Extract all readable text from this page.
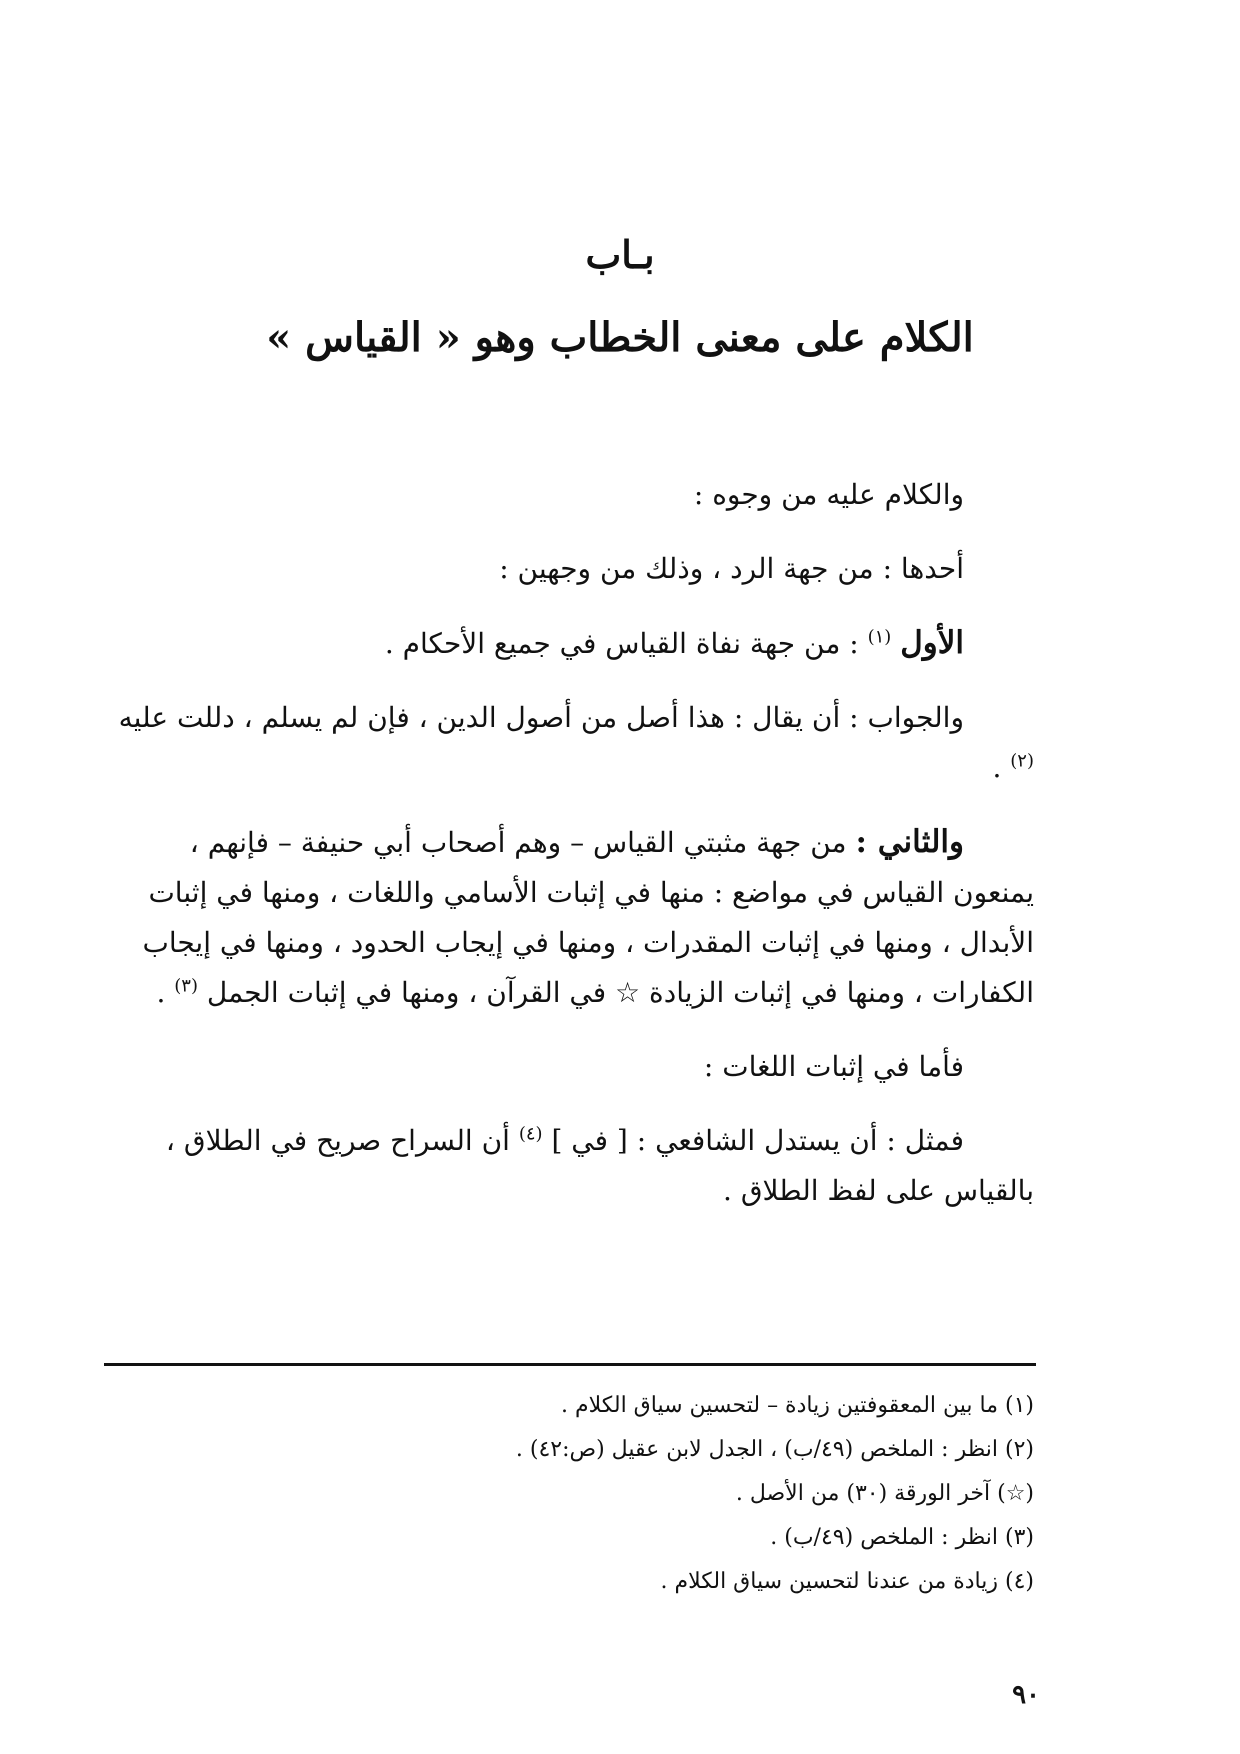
بـاب
الكلام على معنى الخطاب وهو « القياس »

والكلام عليه من وجوه :

أحدها : من جهة الرد ، وذلك من وجهين :

الأول $^{(١)}$ : من جهة نفاة القياس في جميع الأحكام .

والجواب : أن يقال : هذا أصل من أصول الدين ، فإن لم يسلم ، دللت عليه $^{(٢)}$ .

والثاني : من جهة مثبتي القياس – وهم أصحاب أبي حنيفة – فإنهم ، يمنعون القياس في مواضع : منها في إثبات الأسامي واللغات ، ومنها في إثبات الأبدال ، ومنها في إثبات المقدرات ، ومنها في إيجاب الحدود ، ومنها في إيجاب الكفارات ، ومنها في إثبات الزيادة ☆ في القرآن ، ومنها في إثبات الجمل $^{(٣)}$ .

فأما في إثبات اللغات :

فمثل : أن يستدل الشافعي : [ في ] $^{(٤)}$ أن السراح صريح في الطلاق ، بالقياس على لفظ الطلاق .

(١) ما بين المعقوفتين زيادة – لتحسين سياق الكلام .

(٢) انظر : الملخص (٤٩/ب) ، الجدل لابن عقيل (ص:٤٢) .

(☆) آخر الورقة (٣٠) من الأصل .

(٣) انظر : الملخص (٤٩/ب) .

(٤) زيادة من عندنا لتحسين سياق الكلام .

٩٠
